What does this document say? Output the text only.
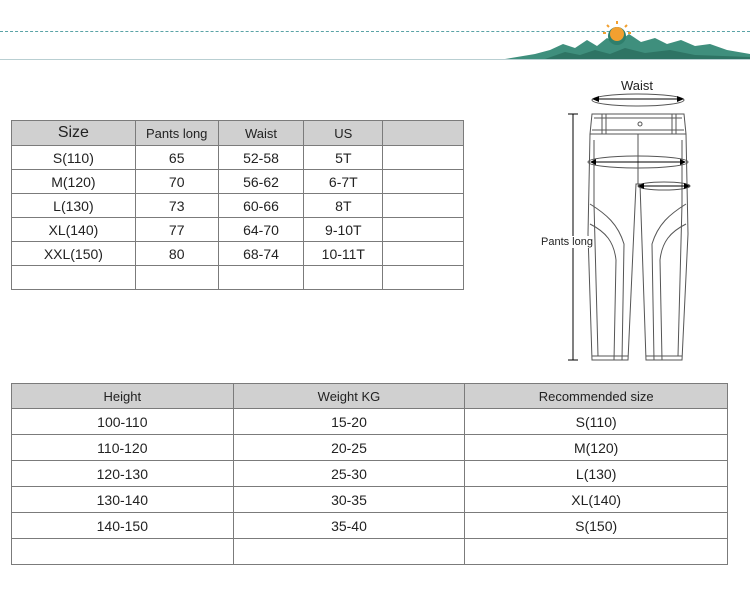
Size	Pants long	Waist	US	
S(110)	65	52-58	5T	
M(120)	70	56-62	6-7T	
L(130)	73	60-66	8T	
XL(140)	77	64-70	9-10T	
XXL(150)	80	68-74	10-11T	

Waist
Pants long
Height	Weight KG	Recommended size
100-110	15-20	S(110)
110-120	20-25	M(120)
120-130	25-30	L(130)
130-140	30-35	XL(140)
140-150	35-40	S(150)
